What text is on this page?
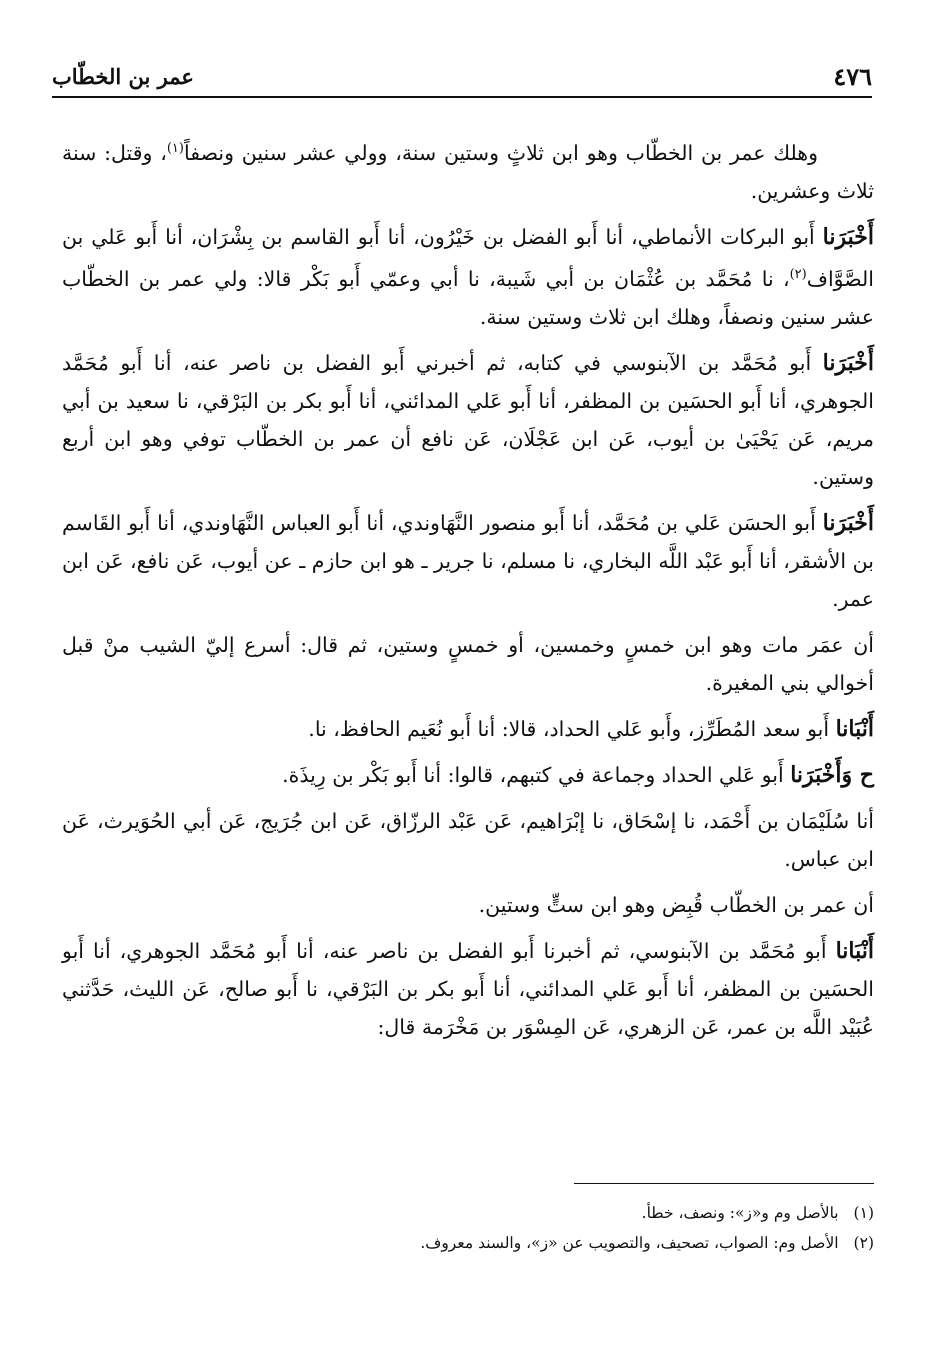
٤٧٦
عمر بن الخطّاب

وهلك عمر بن الخطّاب وهو ابن ثلاثٍ وستين سنة، وولي عشر سنين ونصفاً$^{(١)}$، وقتل: سنة ثلاث وعشرين.

أَخْبَرَنا أَبو البركات الأنماطي، أنا أَبو الفضل بن خَيْرُون، أنا أَبو القاسم بن بِشْرَان، أنا أَبو عَلي بن الصَّوَّاف$^{(٢)}$، نا مُحَمَّد بن عُثْمَان بن أبي شَيبة، نا أبي وعمّي أَبو بَكْر قالا: ولي عمر بن الخطّاب عشر سنين ونصفاً، وهلك ابن ثلاث وستين سنة.

أَخْبَرَنا أَبو مُحَمَّد بن الآبنوسي في كتابه، ثم أخبرني أَبو الفضل بن ناصر عنه، أنا أَبو مُحَمَّد الجوهري، أنا أَبو الحسَين بن المظفر، أنا أَبو عَلي المدائني، أنا أَبو بكر بن البَرْقي، نا سعيد بن أبي مريم، عَن يَحْيَىٰ بن أيوب، عَن ابن عَجْلَان، عَن نافع أن عمر بن الخطّاب توفي وهو ابن أربع وستين.

أَخْبَرَنا أَبو الحسَن عَلي بن مُحَمَّد، أنا أَبو منصور النَّهَاوندي، أنا أَبو العباس النَّهَاوندي، أنا أَبو القَاسم بن الأشقر، أنا أَبو عَبْد اللَّه البخاري، نا مسلم، نا جرير ـ هو ابن حازم ـ عن أيوب، عَن نافع، عَن ابن عمر.

أن عمَر مات وهو ابن خمسٍ وخمسين، أو خمسٍ وستين، ثم قال: أسرع إليّ الشيب منْ قبل أخوالي بني المغيرة.

أَنْبَانا أَبو سعد المُطَرِّز، وأَبو عَلي الحداد، قالا: أنا أَبو نُعَيم الحافظ، نا.

ح وَأَخْبَرَنا أَبو عَلي الحداد وجماعة في كتبهم، قالوا: أنا أَبو بَكْر بن رِيذَة.

أنا سُلَيْمَان بن أَحْمَد، نا إسْحَاق، نا إبْرَاهيم، عَن عَبْد الرزّاق، عَن ابن جُرَيج، عَن أبي الحُوَيرث، عَن ابن عباس.

أن عمر بن الخطّاب قُبِض وهو ابن ستٍّ وستين.

أَنْبَانا أَبو مُحَمَّد بن الآبنوسي، ثم أخبرنا أَبو الفضل بن ناصر عنه، أنا أَبو مُحَمَّد الجوهري، أنا أَبو الحسَين بن المظفر، أنا أَبو عَلي المدائني، أنا أَبو بكر بن البَرْقي، نا أَبو صالح، عَن الليث، حَدَّثني عُبَيْد اللَّه بن عمر، عَن الزهري، عَن المِسْوَر بن مَخْرَمة قال:

(١) بالأصل وم و«ز»: ونصف، خطأ.
(٢) الأصل وم: الصواب، تصحيف، والتصويب عن «ز»، والسند معروف.
